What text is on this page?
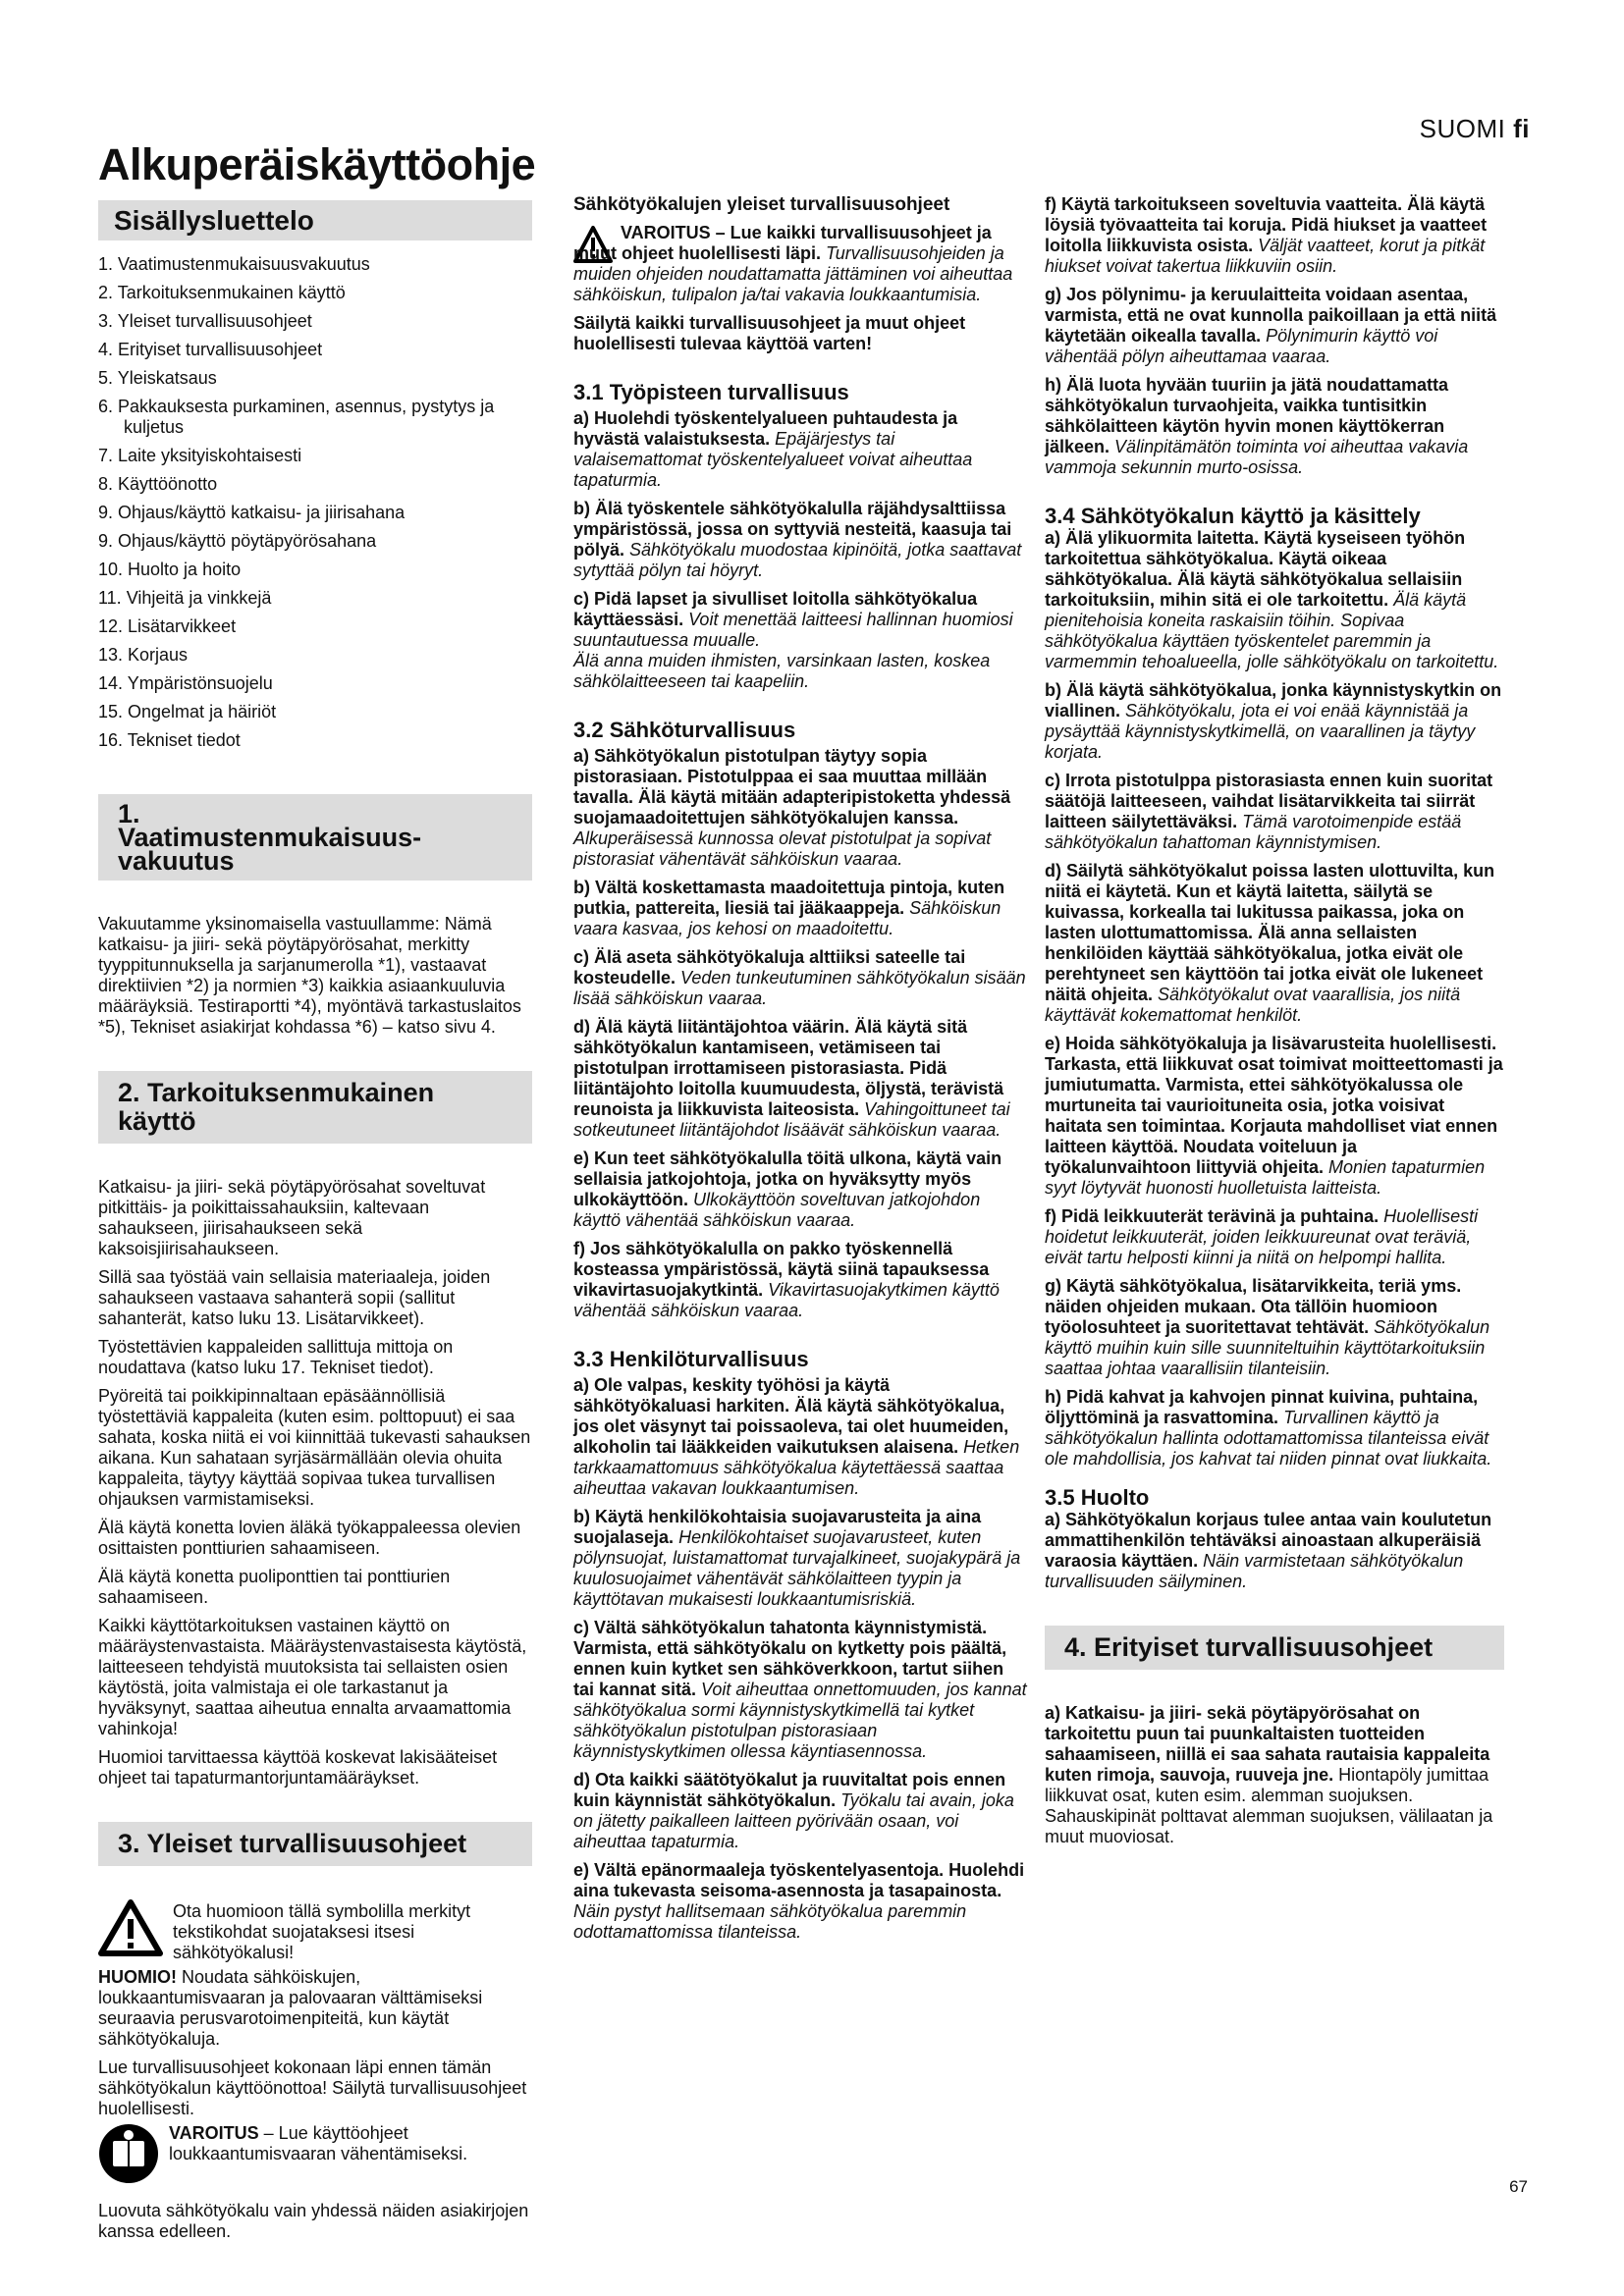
SUOMI fi
Alkuperäiskäyttöohje
Sisällysluettelo
1. Vaatimustenmukaisuusvakuutus
2. Tarkoituksenmukainen käyttö
3. Yleiset turvallisuusohjeet
4. Erityiset turvallisuusohjeet
5. Yleiskatsaus
6. Pakkauksesta purkaminen, asennus, pystytys ja kuljetus
7. Laite yksityiskohtaisesti
8. Käyttöönotto
9. Ohjaus/käyttö katkaisu- ja jiirisahana
9. Ohjaus/käyttö pöytäpyörösahana
10. Huolto ja hoito
11. Vihjeitä ja vinkkejä
12. Lisätarvikkeet
13. Korjaus
14. Ympäristönsuojelu
15. Ongelmat ja häiriöt
16. Tekniset tiedot
1. Vaatimustenmukaisuus-vakuutus

Vakuutamme yksinomaisella vastuullamme: Nämä katkaisu- ja jiiri- sekä pöytäpyörösahat, merkitty tyyppitunnuksella ja sarjanumerolla *1), vastaavat direktiivien *2) ja normien *3) kaikkia asiaankuuluvia määräyksiä. Testiraportti *4), myöntävä tarkastuslaitos *5), Tekniset asiakirjat kohdassa *6) – katso sivu 4.

2. Tarkoituksenmukainen käyttö

Katkaisu- ja jiiri- sekä pöytäpyörösahat soveltuvat pitkittäis- ja poikittaissahauksiin, kaltevaan sahaukseen, jiirisahaukseen sekä kaksoisjiirisahaukseen.

Sillä saa työstää vain sellaisia materiaaleja, joiden sahaukseen vastaava sahanterä sopii (sallitut sahanterät, katso luku 13. Lisätarvikkeet).

Työstettävien kappaleiden sallittuja mittoja on noudattava (katso luku 17. Tekniset tiedot).

Pyöreitä tai poikkipinnaltaan epäsäännöllisiä työstettäviä kappaleita (kuten esim. polttopuut) ei saa sahata, koska niitä ei voi kiinnittää tukevasti sahauksen aikana. Kun sahataan syrjäsärmällään olevia ohuita kappaleita, täytyy käyttää sopivaa tukea turvallisen ohjauksen varmistamiseksi.

Älä käytä konetta lovien äläkä työkappaleessa olevien osittaisten ponttiurien sahaamiseen.

Älä käytä konetta puoliponttien tai ponttiurien sahaamiseen.

Kaikki käyttötarkoituksen vastainen käyttö on määräystenvastaista. Määräystenvastaisesta käytöstä, laitteeseen tehdyistä muutoksista tai sellaisten osien käytöstä, joita valmistaja ei ole tarkastanut ja hyväksynyt, saattaa aiheutua ennalta arvaamattomia vahinkoja!

Huomioi tarvittaessa käyttöä koskevat lakisääteiset ohjeet tai tapaturmantorjuntamääräykset.

3. Yleiset turvallisuusohjeet

Ota huomioon tällä symbolilla merkityt tekstikohdat suojataksesi itsesi sähkötyökalusi!

HUOMIO! Noudata sähköiskujen, loukkaantumisvaaran ja palovaaran välttämiseksi seuraavia perusvarotoimenpiteitä, kun käytät sähkötyökaluja.

Lue turvallisuusohjeet kokonaan läpi ennen tämän sähkötyökalun käyttöönottoa! Säilytä turvallisuusohjeet huolellisesti.

VAROITUS – Lue käyttöohjeet loukkaantumisvaaran vähentämiseksi.

Luovuta sähkötyökalu vain yhdessä näiden asiakirjojen kanssa edelleen.

Sähkötyökalujen yleiset turvallisuusohjeet

VAROITUS – Lue kaikki turvallisuusohjeet ja muut ohjeet huolellisesti läpi. Turvallisuusohjeiden ja muiden ohjeiden noudattamatta jättäminen voi aiheuttaa sähköiskun, tulipalon ja/tai vakavia loukkaantumisia.

Säilytä kaikki turvallisuusohjeet ja muut ohjeet huolellisesti tulevaa käyttöä varten!

3.1 Työpisteen turvallisuus

a) Huolehdi työskentelyalueen puhtaudesta ja hyvästä valaistuksesta. Epäjärjestys tai valaisemattomat työskentelyalueet voivat aiheuttaa tapaturmia.

b) Älä työskentele sähkötyökalulla räjähdysalttiissa ympäristössä, jossa on syttyviä nesteitä, kaasuja tai pölyä. Sähkötyökalu muodostaa kipinöitä, jotka saattavat sytyttää pölyn tai höyryt.

c) Pidä lapset ja sivulliset loitolla sähkötyökalua käyttäessäsi. Voit menettää laitteesi hallinnan huomiosi suuntautuessa muualle.

Älä anna muiden ihmisten, varsinkaan lasten, koskea sähkölaitteeseen tai kaapeliin.

3.2 Sähköturvallisuus

a) Sähkötyökalun pistotulpan täytyy sopia pistorasiaan. Pistotulppaa ei saa muuttaa millään tavalla. Älä käytä mitään adapteripistoketta yhdessä suojamaadoitettujen sähkötyökalujen kanssa. Alkuperäisessä kunnossa olevat pistotulpat ja sopivat pistorasiat vähentävät sähköiskun vaaraa.

b) Vältä koskettamasta maadoitettuja pintoja, kuten putkia, pattereita, liesiä tai jääkaappeja. Sähköiskun vaara kasvaa, jos kehosi on maadoitettu.

c) Älä aseta sähkötyökaluja alttiiksi sateelle tai kosteudelle. Veden tunkeutuminen sähkötyökalun sisään lisää sähköiskun vaaraa.

d) Älä käytä liitäntäjohtoa väärin. Älä käytä sitä sähkötyökalun kantamiseen, vetämiseen tai pistotulpan irrottamiseen pistorasiasta. Pidä liitäntäjohto loitolla kuumuudesta, öljystä, terävistä reunoista ja liikkuvista laiteosista. Vahingoittuneet tai sotkeutuneet liitäntäjohdot lisäävät sähköiskun vaaraa.

e) Kun teet sähkötyökalulla töitä ulkona, käytä vain sellaisia jatkojohtoja, jotka on hyväksytty myös ulkokäyttöön. Ulkokäyttöön soveltuvan jatkojohdon käyttö vähentää sähköiskun vaaraa.

f) Jos sähkötyökalulla on pakko työskennellä kosteassa ympäristössä, käytä siinä tapauksessa vikavirtasuojakytkintä. Vikavirtasuojakytkimen käyttö vähentää sähköiskun vaaraa.

3.3 Henkilöturvallisuus

a) Ole valpas, keskity työhösi ja käytä sähkötyökaluasi harkiten. Älä käytä sähkötyökalua, jos olet väsynyt tai poissaoleva, tai olet huumeiden, alkoholin tai lääkkeiden vaikutuksen alaisena. Hetken tarkkaamattomuus sähkötyökalua käytettäessä saattaa aiheuttaa vakavan loukkaantumisen.

b) Käytä henkilökohtaisia suojavarusteita ja aina suojalaseja. Henkilökohtaiset suojavarusteet, kuten pölynsuojat, luistamattomat turvajalkineet, suojakypärä ja kuulosuojaimet vähentävät sähkölaitteen tyypin ja käyttötavan mukaisesti loukkaantumisriskiä.

c) Vältä sähkötyökalun tahatonta käynnistymistä. Varmista, että sähkötyökalu on kytketty pois päältä, ennen kuin kytket sen sähköverkkoon, tartut siihen tai kannat sitä. Voit aiheuttaa onnettomuuden, jos kannat sähkötyökalua sormi käynnistyskytkimellä tai kytket sähkötyökalun pistotulpan pistorasiaan käynnistyskytkimen ollessa käyntiasennossa.

d) Ota kaikki säätötyökalut ja ruuvitaltat pois ennen kuin käynnistät sähkötyökalun. Työkalu tai avain, joka on jätetty paikalleen laitteen pyörivään osaan, voi aiheuttaa tapaturmia.

e) Vältä epänormaaleja työskentelyasentoja. Huolehdi aina tukevasta seisoma-asennosta ja tasapainosta. Näin pystyt hallitsemaan sähkötyökalua paremmin odottamattomissa tilanteissa.

f) Käytä tarkoitukseen soveltuvia vaatteita. Älä käytä löysiä työvaatteita tai koruja. Pidä hiukset ja vaatteet loitolla liikkuvista osista. Väljät vaatteet, korut ja pitkät hiukset voivat takertua liikkuviin osiin.

g) Jos pölynimu- ja keruulaitteita voidaan asentaa, varmista, että ne ovat kunnolla paikoillaan ja että niitä käytetään oikealla tavalla. Pölynimurin käyttö voi vähentää pölyn aiheuttamaa vaaraa.

h) Älä luota hyvään tuuriin ja jätä noudattamatta sähkötyökalun turvaohjeita, vaikka tuntisitkin sähkölaitteen käytön hyvin monen käyttökerran jälkeen. Välinpitämätön toiminta voi aiheuttaa vakavia vammoja sekunnin murto-osissa.

3.4 Sähkötyökalun käyttö ja käsittely

a) Älä ylikuormita laitetta. Käytä kyseiseen työhön tarkoitettua sähkötyökalua. Käytä oikeaa sähkötyökalua. Älä käytä sähkötyökalua sellaisiin tarkoituksiin, mihin sitä ei ole tarkoitettu. Älä käytä pienitehoisia koneita raskaisiin töihin. Sopivaa sähkötyökalua käyttäen työskentelet paremmin ja varmemmin tehoalueella, jolle sähkötyökalu on tarkoitettu.

b) Älä käytä sähkötyökalua, jonka käynnistyskytkin on viallinen. Sähkötyökalu, jota ei voi enää käynnistää ja pysäyttää käynnistyskytkimellä, on vaarallinen ja täytyy korjata.

c) Irrota pistotulppa pistorasiasta ennen kuin suoritat säätöjä laitteeseen, vaihdat lisätarvikkeita tai siirrät laitteen säilytettäväksi. Tämä varotoimenpide estää sähkötyökalun tahattoman käynnistymisen.

d) Säilytä sähkötyökalut poissa lasten ulottuvilta, kun niitä ei käytetä. Kun et käytä laitetta, säilytä se kuivassa, korkealla tai lukitussa paikassa, joka on lasten ulottumattomissa. Älä anna sellaisten henkilöiden käyttää sähkötyökalua, jotka eivät ole perehtyneet sen käyttöön tai jotka eivät ole lukeneet näitä ohjeita. Sähkötyökalut ovat vaarallisia, jos niitä käyttävät kokemattomat henkilöt.

e) Hoida sähkötyökaluja ja lisävarusteita huolellisesti. Tarkasta, että liikkuvat osat toimivat moitteettomasti ja jumiutumatta. Varmista, ettei sähkötyökalussa ole murtuneita tai vaurioituneita osia, jotka voisivat haitata sen toimintaa. Korjauta mahdolliset viat ennen laitteen käyttöä. Noudata voiteluun ja työkalunvaihtoon liittyviä ohjeita. Monien tapaturmien syyt löytyvät huonosti huolletuista laitteista.

f) Pidä leikkuuterät terävinä ja puhtaina. Huolellisesti hoidetut leikkuuterät, joiden leikkuureunat ovat teräviä, eivät tartu helposti kiinni ja niitä on helpompi hallita.

g) Käytä sähkötyökalua, lisätarvikkeita, teriä yms. näiden ohjeiden mukaan. Ota tällöin huomioon työolosuhteet ja suoritettavat tehtävät. Sähkötyökalun käyttö muihin kuin sille suunniteltuihin käyttötarkoituksiin saattaa johtaa vaarallisiin tilanteisiin.

h) Pidä kahvat ja kahvojen pinnat kuivina, puhtaina, öljyttöminä ja rasvattomina. Turvallinen käyttö ja sähkötyökalun hallinta odottamattomissa tilanteissa eivät ole mahdollisia, jos kahvat tai niiden pinnat ovat liukkaita.

3.5 Huolto

a) Sähkötyökalun korjaus tulee antaa vain koulutetun ammattihenkilön tehtäväksi ainoastaan alkuperäisiä varaosia käyttäen. Näin varmistetaan sähkötyökalun turvallisuuden säilyminen.

4. Erityiset turvallisuusohjeet

a) Katkaisu- ja jiiri- sekä pöytäpyörösahat on tarkoitettu puun tai puunkaltaisten tuotteiden sahaamiseen, niillä ei saa sahata rautaisia kappaleita kuten rimoja, sauvoja, ruuveja jne. Hiontapöly jumittaa liikkuvat osat, kuten esim. alemman suojuksen. Sahauskipinät polttavat alemman suojuksen, välilaatan ja muut muoviosat.

67
